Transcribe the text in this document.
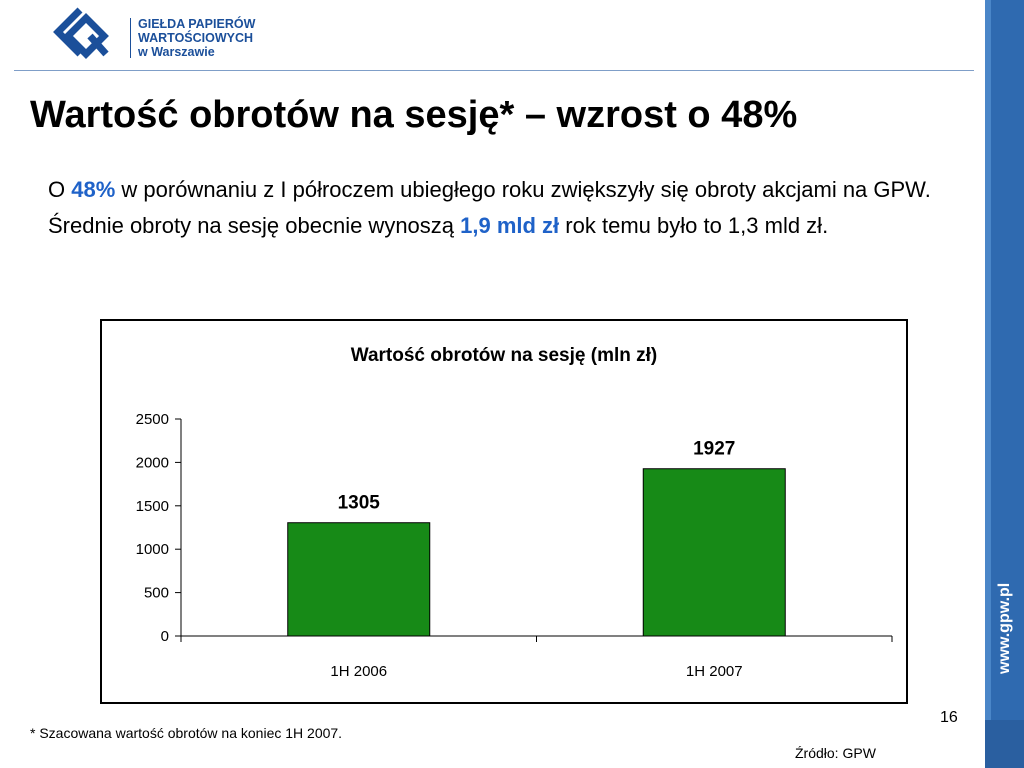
GIEŁDA PAPIERÓW
WARTOŚCIOWYCH
w Warszawie
Wartość obrotów na sesję* – wzrost o 48%

O 48% w porównaniu z I półroczem ubiegłego roku zwiększyły się obroty akcjami na GPW. Średnie obroty na sesję obecnie wynoszą 1,9 mld zł rok temu było to 1,3 mld zł.

Wartość obrotów na sesję (mln zł)
0
500
1000
1500
2000
2500
1305
1H 2006
1927
1H 2007
* Szacowana wartość obrotów na koniec 1H 2007.
16
Źródło: GPW
